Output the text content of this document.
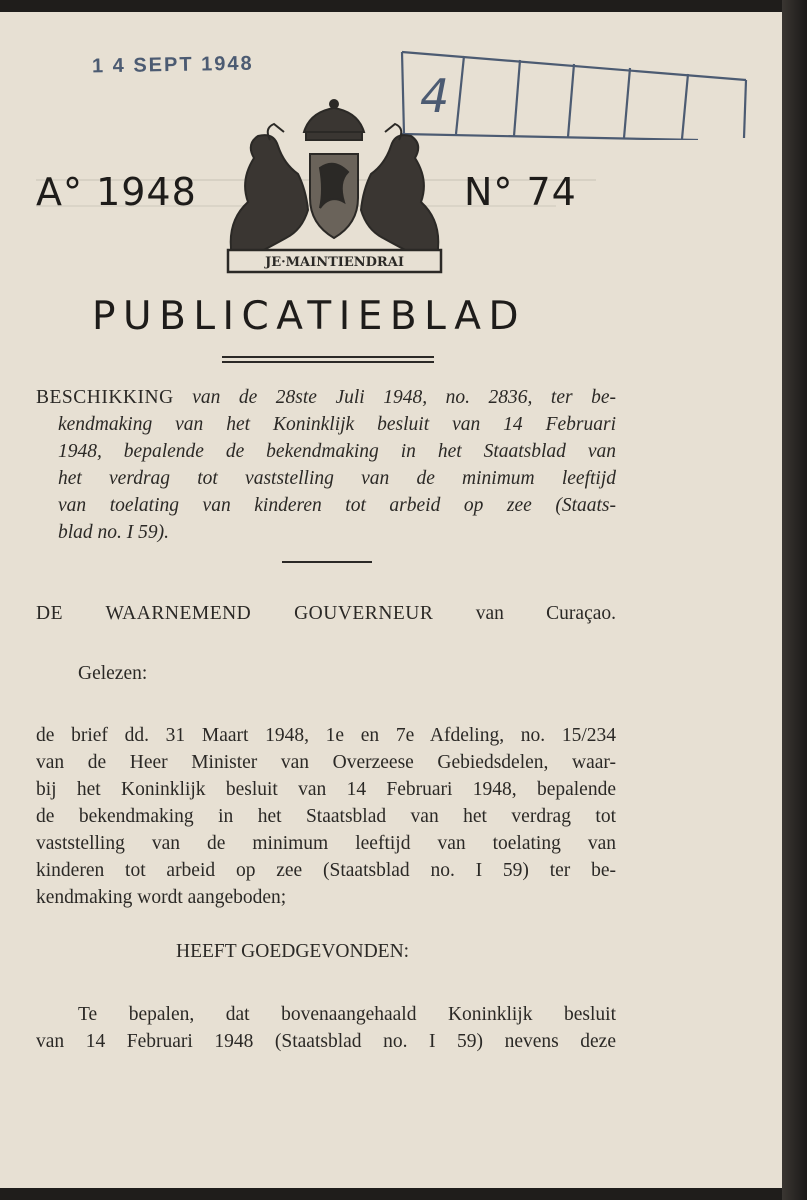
1 4 SEPT 1948
4
A° 1948
JE·MAINTIENDRAI
N° 74
PUBLICATIEBLAD
BESCHIKKING van de 28ste Juli 1948, no. 2836, ter be-
kendmaking van het Koninklijk besluit van 14 Februari
1948, bepalende de bekendmaking in het Staatsblad van
het verdrag tot vaststelling van de minimum leeftijd
van toelating van kinderen tot arbeid op zee (Staats-
blad no. I 59).
DE WAARNEMEND GOUVERNEUR van Curaçao.
Gelezen:
de brief dd. 31 Maart 1948, 1e en 7e Afdeling, no. 15/234
van de Heer Minister van Overzeese Gebiedsdelen, waar-
bij het Koninklijk besluit van 14 Februari 1948, bepalende
de bekendmaking in het Staatsblad van het verdrag tot
vaststelling van de minimum leeftijd van toelating van
kinderen tot arbeid op zee (Staatsblad no. I 59) ter be-
kendmaking wordt aangeboden;
HEEFT GOEDGEVONDEN:
Te bepalen, dat bovenaangehaald Koninklijk besluit
van 14 Februari 1948 (Staatsblad no. I 59) nevens deze
